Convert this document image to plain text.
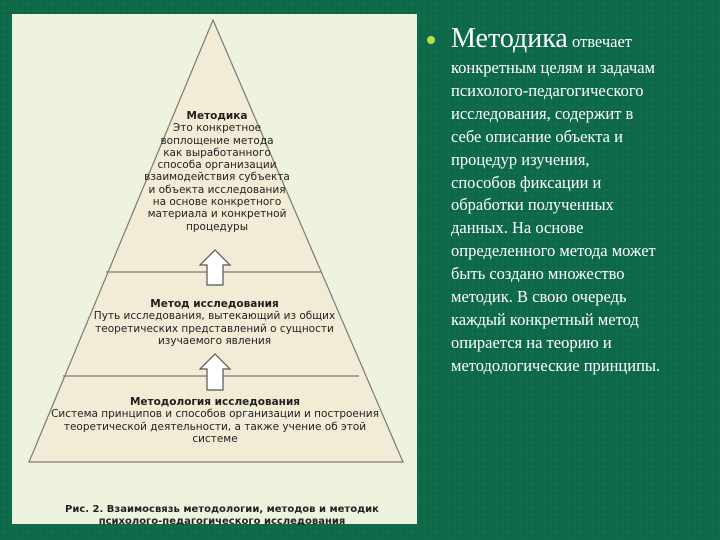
Методика
Это конкретное
воплощение метода
как выработанного
способа организации
взаимодействия субъекта
и объекта исследования
на основе конкретного
материала и конкретной
процедуры
Метод исследования
Путь исследования, вытекающий из общих
теоретических представлений о сущности
изучаемого явления
Методология исследования
Система принципов и способов организации и построения
теоретической деятельности, а также учение об этой системе
Рис. 2. Взаимосвязь методологии, методов и методик
психолого-педагогического исследования
Методика отвечает
конкретным целям и задачам
психолого-педагогического
исследования, содержит в
себе описание объекта и
процедур изучения,
способов фиксации и
обработки полученных
данных. На основе
определенного метода может
быть создано множество
методик. В свою очередь
каждый конкретный метод
опирается на теорию и
методологические принципы.
